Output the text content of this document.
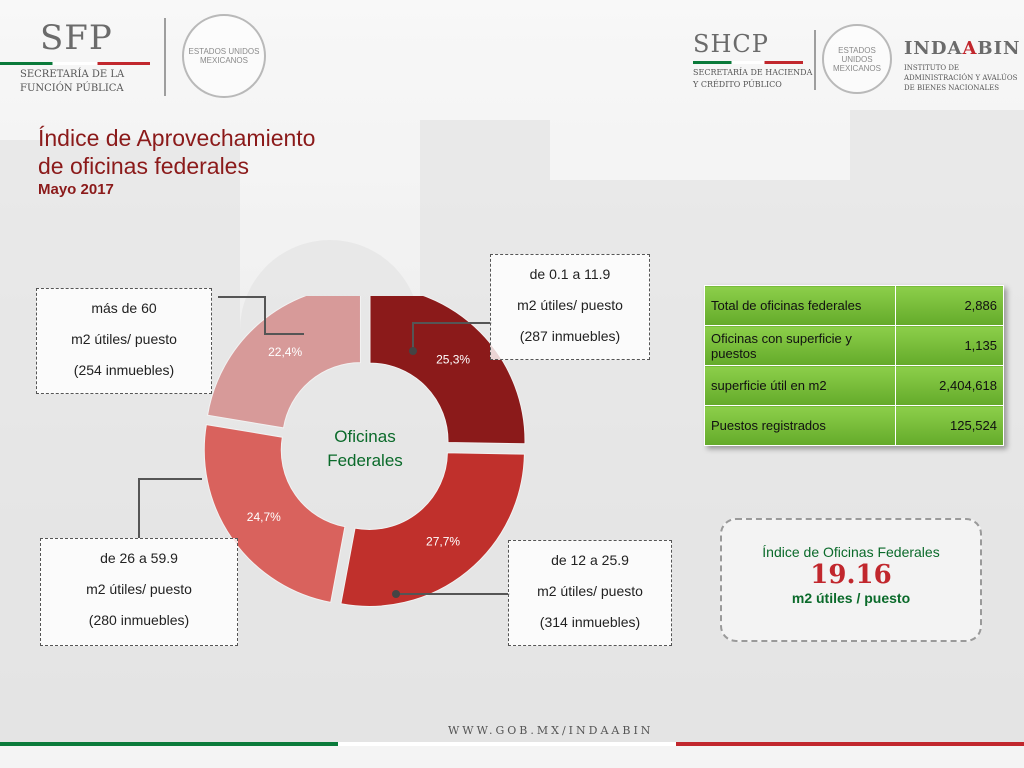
SFP
SECRETARÍA DE LA FUNCIÓN PÚBLICA
ESTADOS UNIDOS MEXICANOS
SHCP
SECRETARÍA DE HACIENDA Y CRÉDITO PÚBLICO
ESTADOS UNIDOS MEXICANOS
INDAABIN
INSTITUTO DE ADMINISTRACIÓN Y AVALÚOS DE BIENES NACIONALES
Índice de Aprovechamiento
de oficinas federales
Mayo 2017
25,3%
27,7%
24,7%
22,4%
Oficinas
Federales
más de 60
m2 útiles/ puesto
(254 inmuebles)
de 0.1 a 11.9
m2 útiles/ puesto
(287 inmuebles)
de 26 a 59.9
m2 útiles/ puesto
(280 inmuebles)
de 12 a 25.9
m2 útiles/ puesto
(314 inmuebles)
Total de oficinas federales	2,886
Oficinas con superficie y puestos	1,135
superficie útil en m2	2,404,618
Puestos registrados	125,524
Índice de Oficinas Federales
19.16
m2 útiles / puesto
WWW.GOB.MX/INDAABIN
